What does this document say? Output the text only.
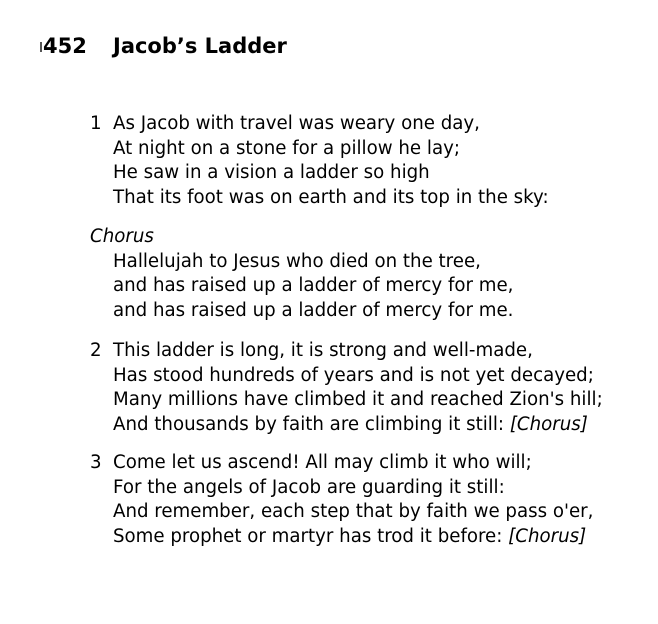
452 Jacob’s Ladder
1 As Jacob with travel was weary one day,
At night on a stone for a pillow he lay;
He saw in a vision a ladder so high
That its foot was on earth and its top in the sky:
Chorus
Hallelujah to Jesus who died on the tree,
and has raised up a ladder of mercy for me,
and has raised up a ladder of mercy for me.
2 This ladder is long, it is strong and well-made,
Has stood hundreds of years and is not yet decayed;
Many millions have climbed it and reached Zion's hill;
And thousands by faith are climbing it still: [Chorus]
3 Come let us ascend! All may climb it who will;
For the angels of Jacob are guarding it still:
And remember, each step that by faith we pass o'er,
Some prophet or martyr has trod it before: [Chorus]
